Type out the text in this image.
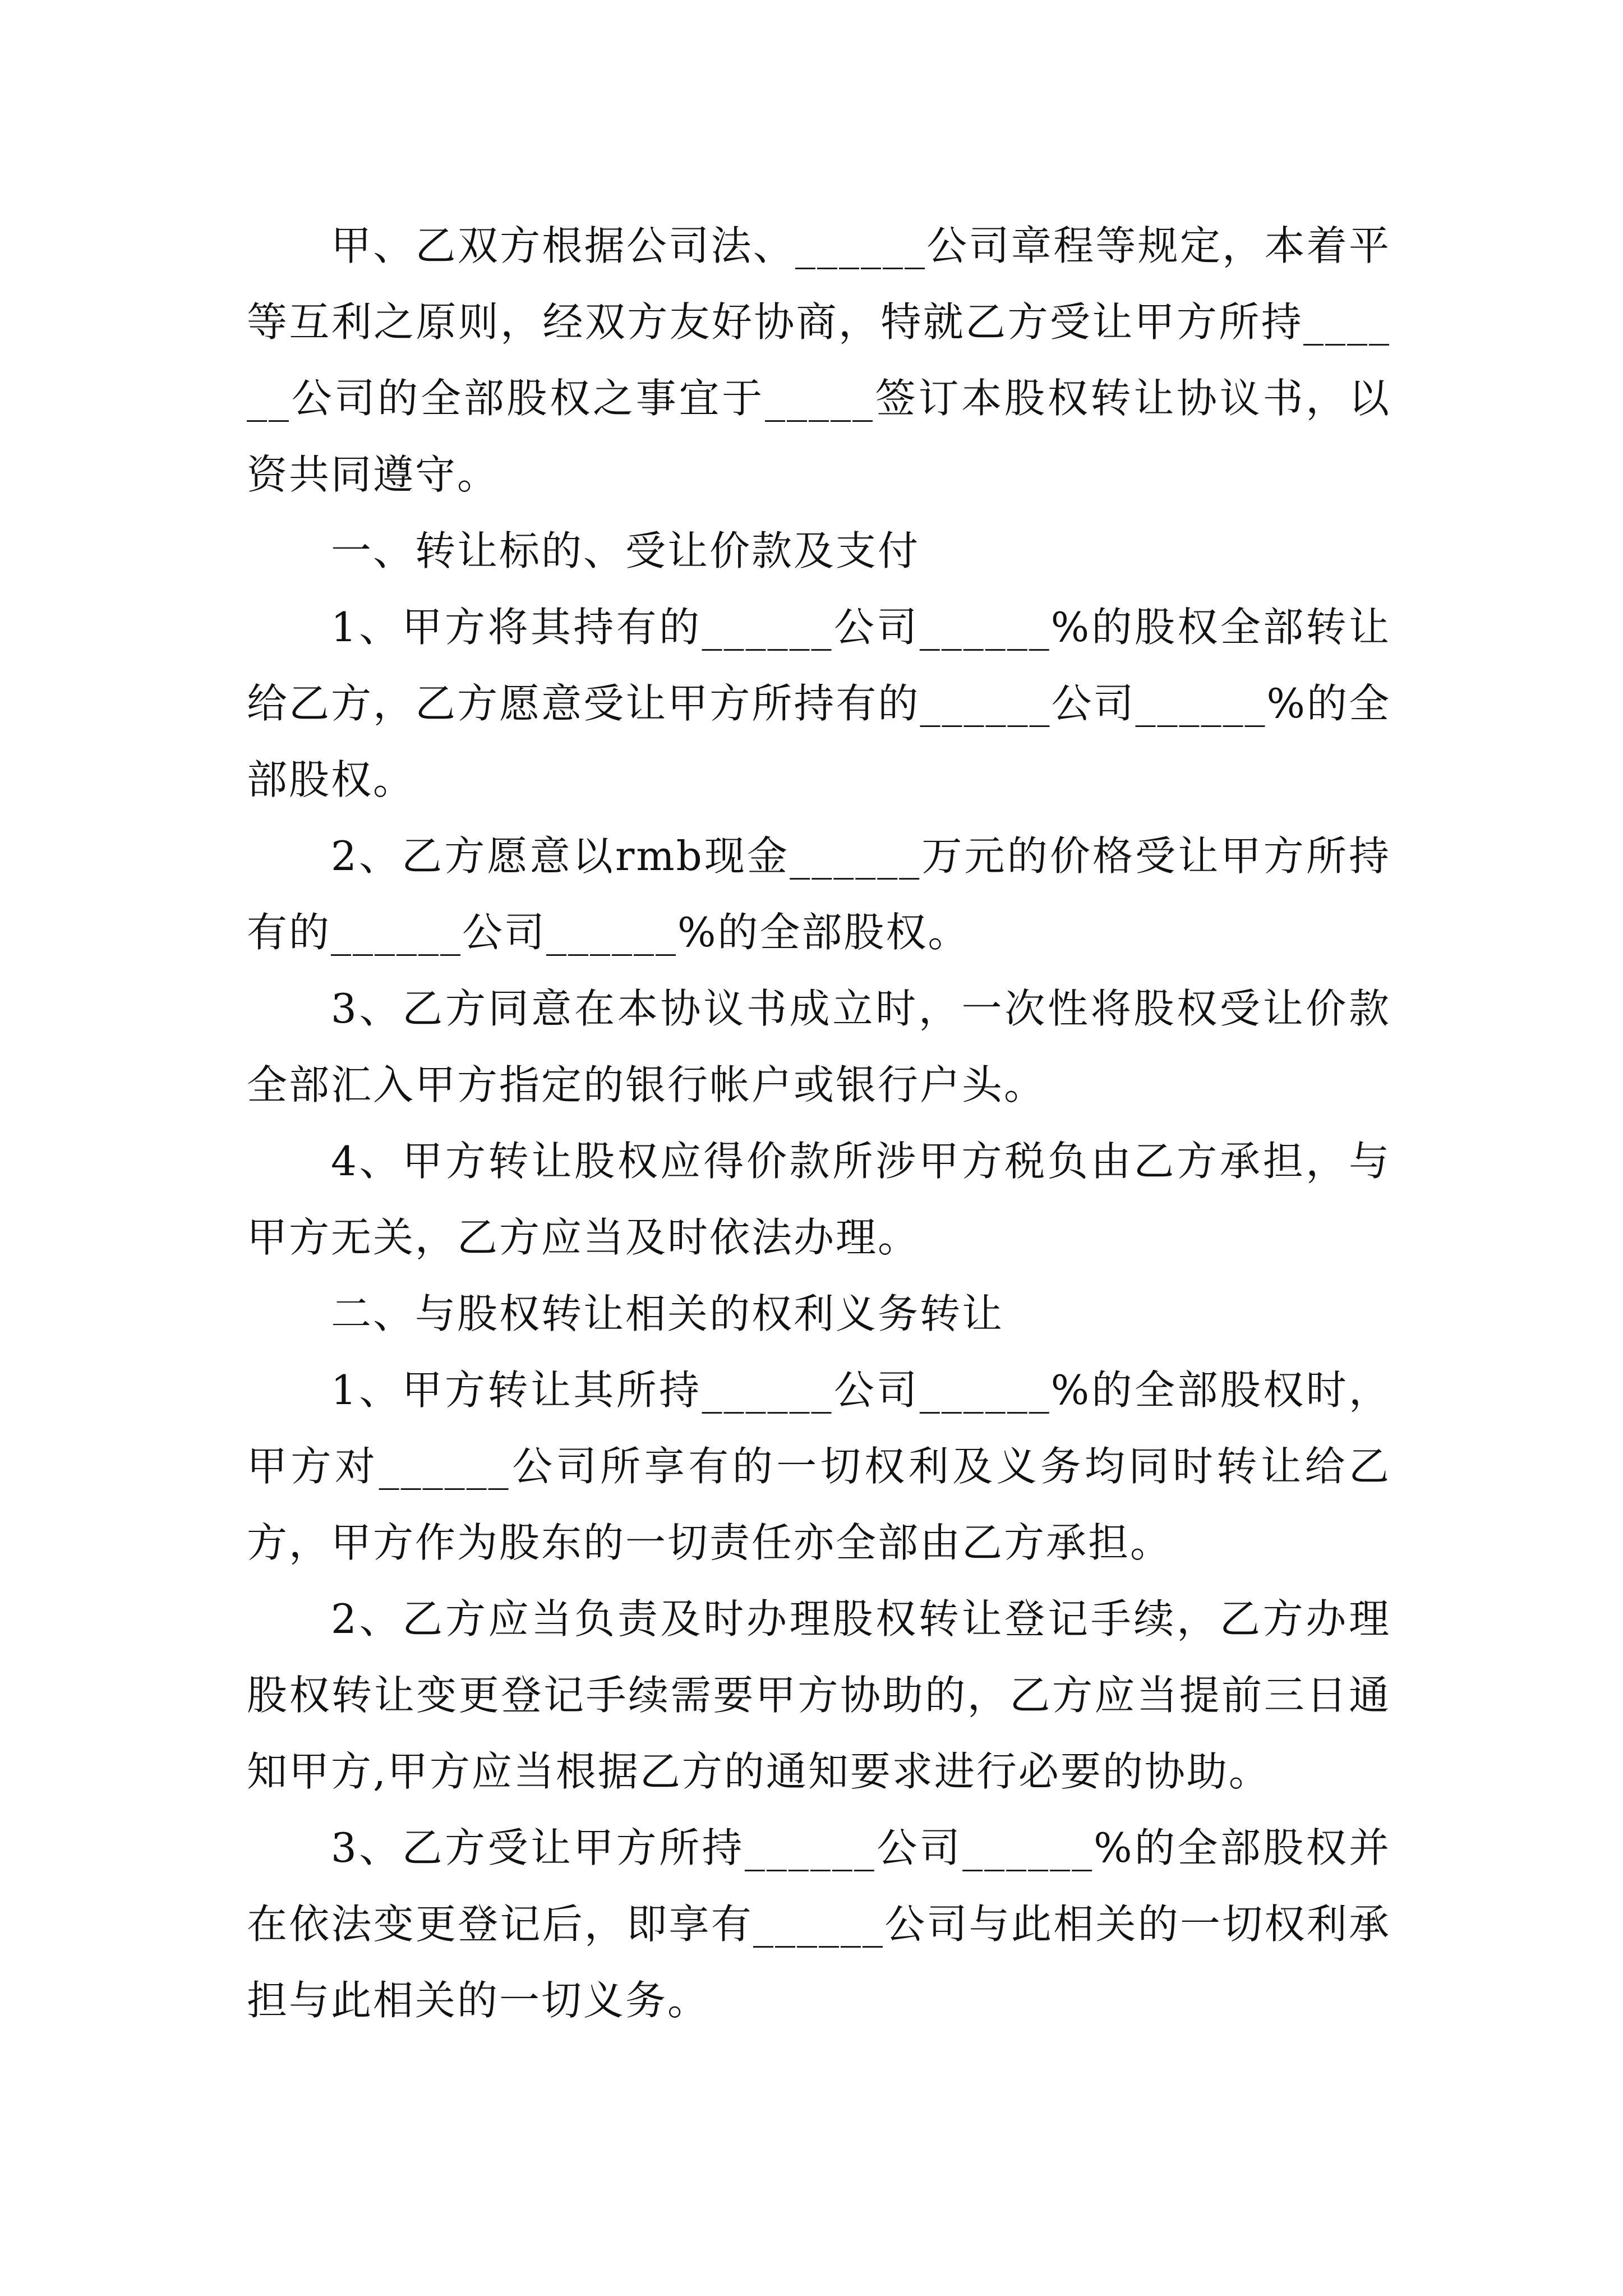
甲、乙双方根据公司法、______公司章程等规定，本着平等互利之原则，经双方友好协商，特就乙方受让甲方所持______公司的全部股权之事宜于_____签订本股权转让协议书，以资共同遵守。

一、转让标的、受让价款及支付

1、甲方将其持有的______公司______%的股权全部转让给乙方，乙方愿意受让甲方所持有的______公司______%的全部股权。

2、乙方愿意以rmb现金______万元的价格受让甲方所持有的______公司______%的全部股权。

3、乙方同意在本协议书成立时，一次性将股权受让价款全部汇入甲方指定的银行帐户或银行户头。

4、甲方转让股权应得价款所涉甲方税负由乙方承担，与甲方无关，乙方应当及时依法办理。

二、与股权转让相关的权利义务转让

1、甲方转让其所持______公司______%的全部股权时，甲方对______公司所享有的一切权利及义务均同时转让给乙方，甲方作为股东的一切责任亦全部由乙方承担。

2、乙方应当负责及时办理股权转让登记手续，乙方办理股权转让变更登记手续需要甲方协助的，乙方应当提前三日通知甲方,甲方应当根据乙方的通知要求进行必要的协助。

3、乙方受让甲方所持______公司______%的全部股权并在依法变更登记后，即享有______公司与此相关的一切权利承担与此相关的一切义务。
